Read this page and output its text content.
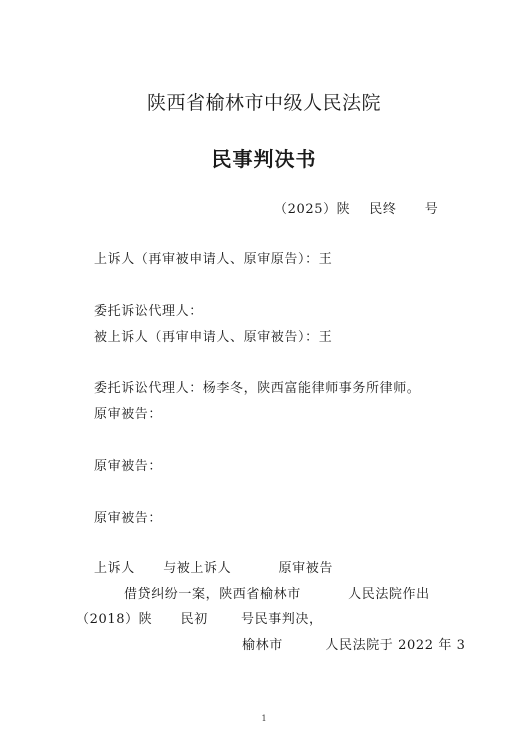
陕西省榆林市中级人民法院
民事判决书
（2025）陕    民终      号
上诉人（再审被申请人、原审原告）：王
委托诉讼代理人：
被上诉人（再审申请人、原审被告）：王
委托诉讼代理人：杨李冬，陕西富能律师事务所律师。
原审被告：
原审被告：
原审被告：
上诉人      与被上诉人          原审被告
借贷纠纷一案，陕西省榆林市          人民法院作出
（2018）陕      民初       号民事判决，
榆林市         人民法院于 2022 年 3
1
